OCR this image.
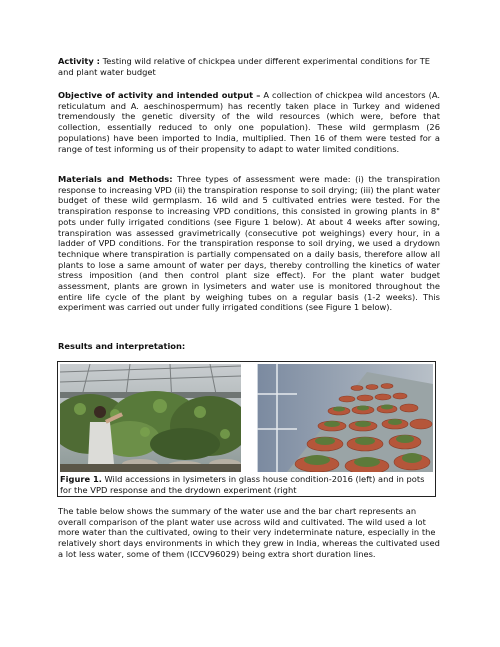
Activity : Testing wild relative of chickpea under different experimental conditions for TE and plant water budget

Objective of activity and intended output – A collection of chickpea wild ancestors (A. reticulatum and A. aeschinospermum) has recently taken place in Turkey and widened tremendously the genetic diversity of the wild resources (which were, before that collection, essentially reduced to only one population). These wild germplasm (26 populations) have been imported to India, multiplied. Then 16 of them were tested for a range of test informing us of their propensity to adapt to water limited conditions.

Materials and Methods: Three types of assessment were made: (i) the transpiration response to increasing VPD (ii) the transpiration response to soil drying; (iii) the plant water budget of these wild germplasm. 16 wild and 5 cultivated entries were tested. For the transpiration response to increasing VPD conditions, this consisted in growing plants in 8" pots under fully irrigated conditions (see Figure 1 below). At about 4 weeks after sowing, transpiration was assessed gravimetrically (consecutive pot weighings) every hour, in a ladder of VPD conditions. For the transpiration response to soil drying, we used a drydown technique where transpiration is partially compensated on a daily basis, therefore allow all plants to lose a same amount of water per days, thereby controlling the kinetics of water stress imposition (and then control plant size effect). For the plant water budget assessment, plants are grown in lysimeters and water use is monitored throughout the entire life cycle of the plant by weighing tubes on a regular basis (1-2 weeks). This experiment was carried out under fully irrigated conditions (see Figure 1 below).

Results and interpretation:

Figure 1. Wild accessions in lysimeters in glass house condition-2016 (left) and in pots for the VPD response and the drydown experiment (right

The table below shows the summary of the water use and the bar chart represents an overall comparison of the plant water use across wild and cultivated. The wild used a lot more water than the cultivated, owing to their very indeterminate nature, especially in the relatively short days environments in which they grew in India, whereas the cultivated used a lot less water, some of them (ICCV96029) being extra short duration lines.
